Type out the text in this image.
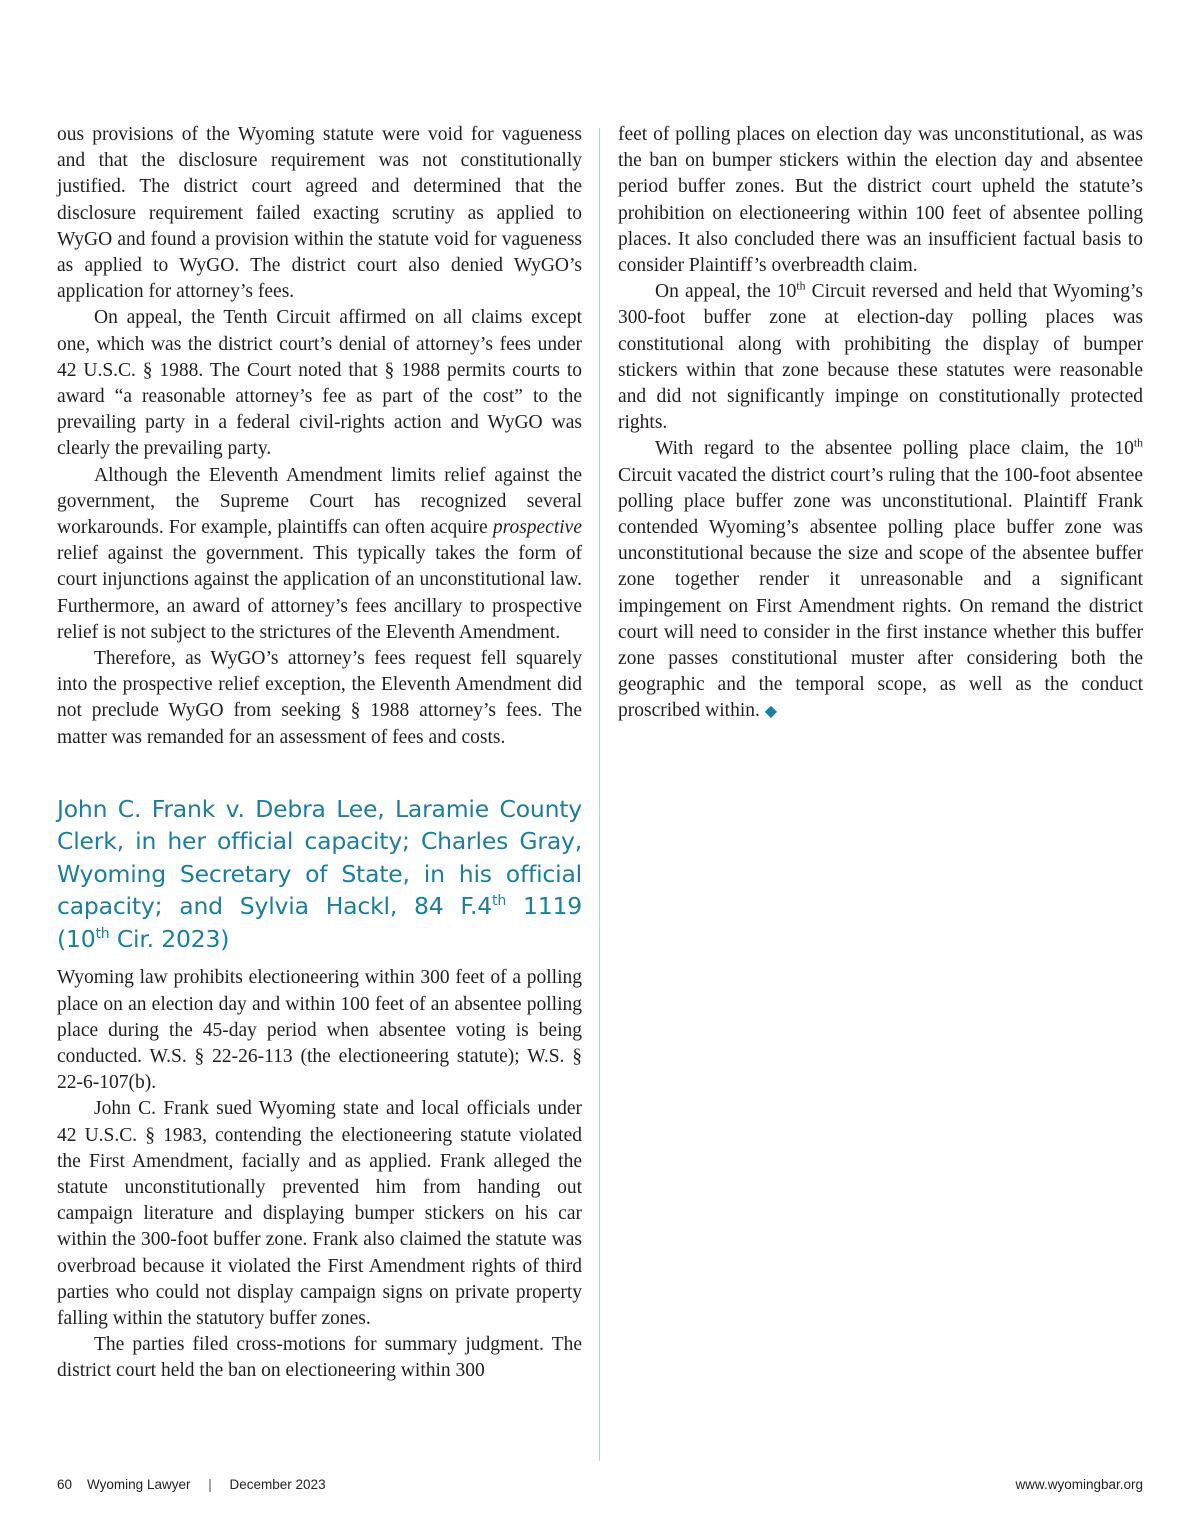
ous provisions of the Wyoming statute were void for vagueness and that the disclosure requirement was not constitutionally justified. The district court agreed and determined that the disclosure requirement failed exacting scrutiny as applied to WyGO and found a provision within the statute void for vagueness as applied to WyGO. The district court also denied WyGO’s application for attorney’s fees.

On appeal, the Tenth Circuit affirmed on all claims except one, which was the district court’s denial of attorney’s fees under 42 U.S.C. § 1988. The Court noted that § 1988 permits courts to award “a reasonable attorney’s fee as part of the cost” to the prevailing party in a federal civil-rights action and WyGO was clearly the prevailing party.

Although the Eleventh Amendment limits relief against the government, the Supreme Court has recognized several workarounds. For example, plaintiffs can often acquire prospective relief against the government. This typically takes the form of court injunctions against the application of an unconstitutional law. Furthermore, an award of attorney’s fees ancillary to prospective relief is not subject to the strictures of the Eleventh Amendment.

Therefore, as WyGO’s attorney’s fees request fell squarely into the prospective relief exception, the Eleventh Amendment did not preclude WyGO from seeking § 1988 attorney’s fees. The matter was remanded for an assessment of fees and costs.

John C. Frank v. Debra Lee, Laramie County Clerk, in her official capacity; Charles Gray, Wyoming Secretary of State, in his official capacity; and Sylvia Hackl, 84 F.4th 1119 (10th Cir. 2023)

Wyoming law prohibits electioneering within 300 feet of a polling place on an election day and within 100 feet of an absentee polling place during the 45-day period when absentee voting is being conducted. W.S. § 22-26-113 (the electioneering statute); W.S. § 22-6-107(b).

John C. Frank sued Wyoming state and local officials under 42 U.S.C. § 1983, contending the electioneering statute violated the First Amendment, facially and as applied. Frank alleged the statute unconstitutionally prevented him from handing out campaign literature and displaying bumper stickers on his car within the 300-foot buffer zone. Frank also claimed the statute was overbroad because it violated the First Amendment rights of third parties who could not display campaign signs on private property falling within the statutory buffer zones.

The parties filed cross-motions for summary judgment. The district court held the ban on electioneering within 300

feet of polling places on election day was unconstitutional, as was the ban on bumper stickers within the election day and absentee period buffer zones. But the district court upheld the statute’s prohibition on electioneering within 100 feet of absentee polling places. It also concluded there was an insufficient factual basis to consider Plaintiff’s overbreadth claim.

On appeal, the 10th Circuit reversed and held that Wyoming’s 300-foot buffer zone at election-day polling places was constitutional along with prohibiting the display of bumper stickers within that zone because these statutes were reasonable and did not significantly impinge on constitutionally protected rights.

With regard to the absentee polling place claim, the 10th Circuit vacated the district court’s ruling that the 100-foot absentee polling place buffer zone was unconstitutional. Plaintiff Frank contended Wyoming’s absentee polling place buffer zone was unconstitutional because the size and scope of the absentee buffer zone together render it unreasonable and a significant impingement on First Amendment rights. On remand the district court will need to consider in the first instance whether this buffer zone passes constitutional muster after considering both the geographic and the temporal scope, as well as the conduct proscribed within. ◆

60 Wyoming Lawyer | December 2023	www.wyomingbar.org
